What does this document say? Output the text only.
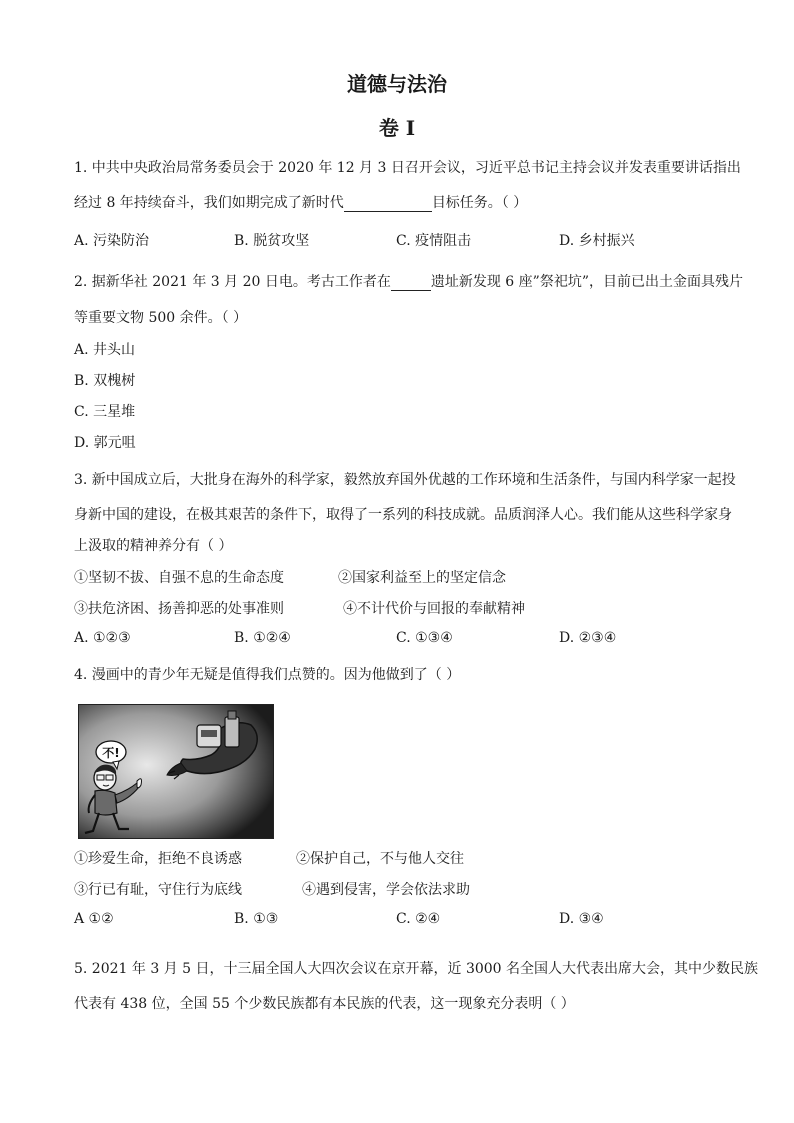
道德与法治
卷 I
1. 中共中央政治局常务委员会于 2020 年 12 月 3 日召开会议，习近平总书记主持会议并发表重要讲话指出
经过 8 年持续奋斗，我们如期完成了新时代	目标任务。（ ）
A. 污染防治	B. 脱贫攻坚	C. 疫情阻击	D. 乡村振兴
2. 据新华社 2021 年 3 月 20 日电。考古工作者在	遗址新发现 6 座”祭祀坑”，目前已出土金面具残片
等重要文物 500 余件。（ ）
A. 井头山
B. 双槐树
C. 三星堆
D. 郭元咀
3. 新中国成立后，大批身在海外的科学家，毅然放弃国外优越的工作环境和生活条件，与国内科学家一起投
身新中国的建设，在极其艰苦的条件下，取得了一系列的科技成就。品质润泽人心。我们能从这些科学家身
上汲取的精神养分有（ ）
①坚韧不拔、自强不息的生命态度	②国家利益至上的坚定信念
③扶危济困、扬善抑恶的处事准则	④不计代价与回报的奉献精神
A. ①②③	B. ①②④	C. ①③④	D. ②③④
4. 漫画中的青少年无疑是值得我们点赞的。因为他做到了（ ）
不!
①珍爱生命，拒绝不良诱惑	②保护自己，不与他人交往
③行已有耻，守住行为底线	④遇到侵害，学会依法求助
A ①②	B. ①③	C. ②④	D. ③④
5. 2021 年 3 月 5 日，十三届全国人大四次会议在京开幕，近 3000 名全国人大代表出席大会，其中少数民族
代表有 438 位，全国 55 个少数民族都有本民族的代表，这一现象充分表明（ ）
